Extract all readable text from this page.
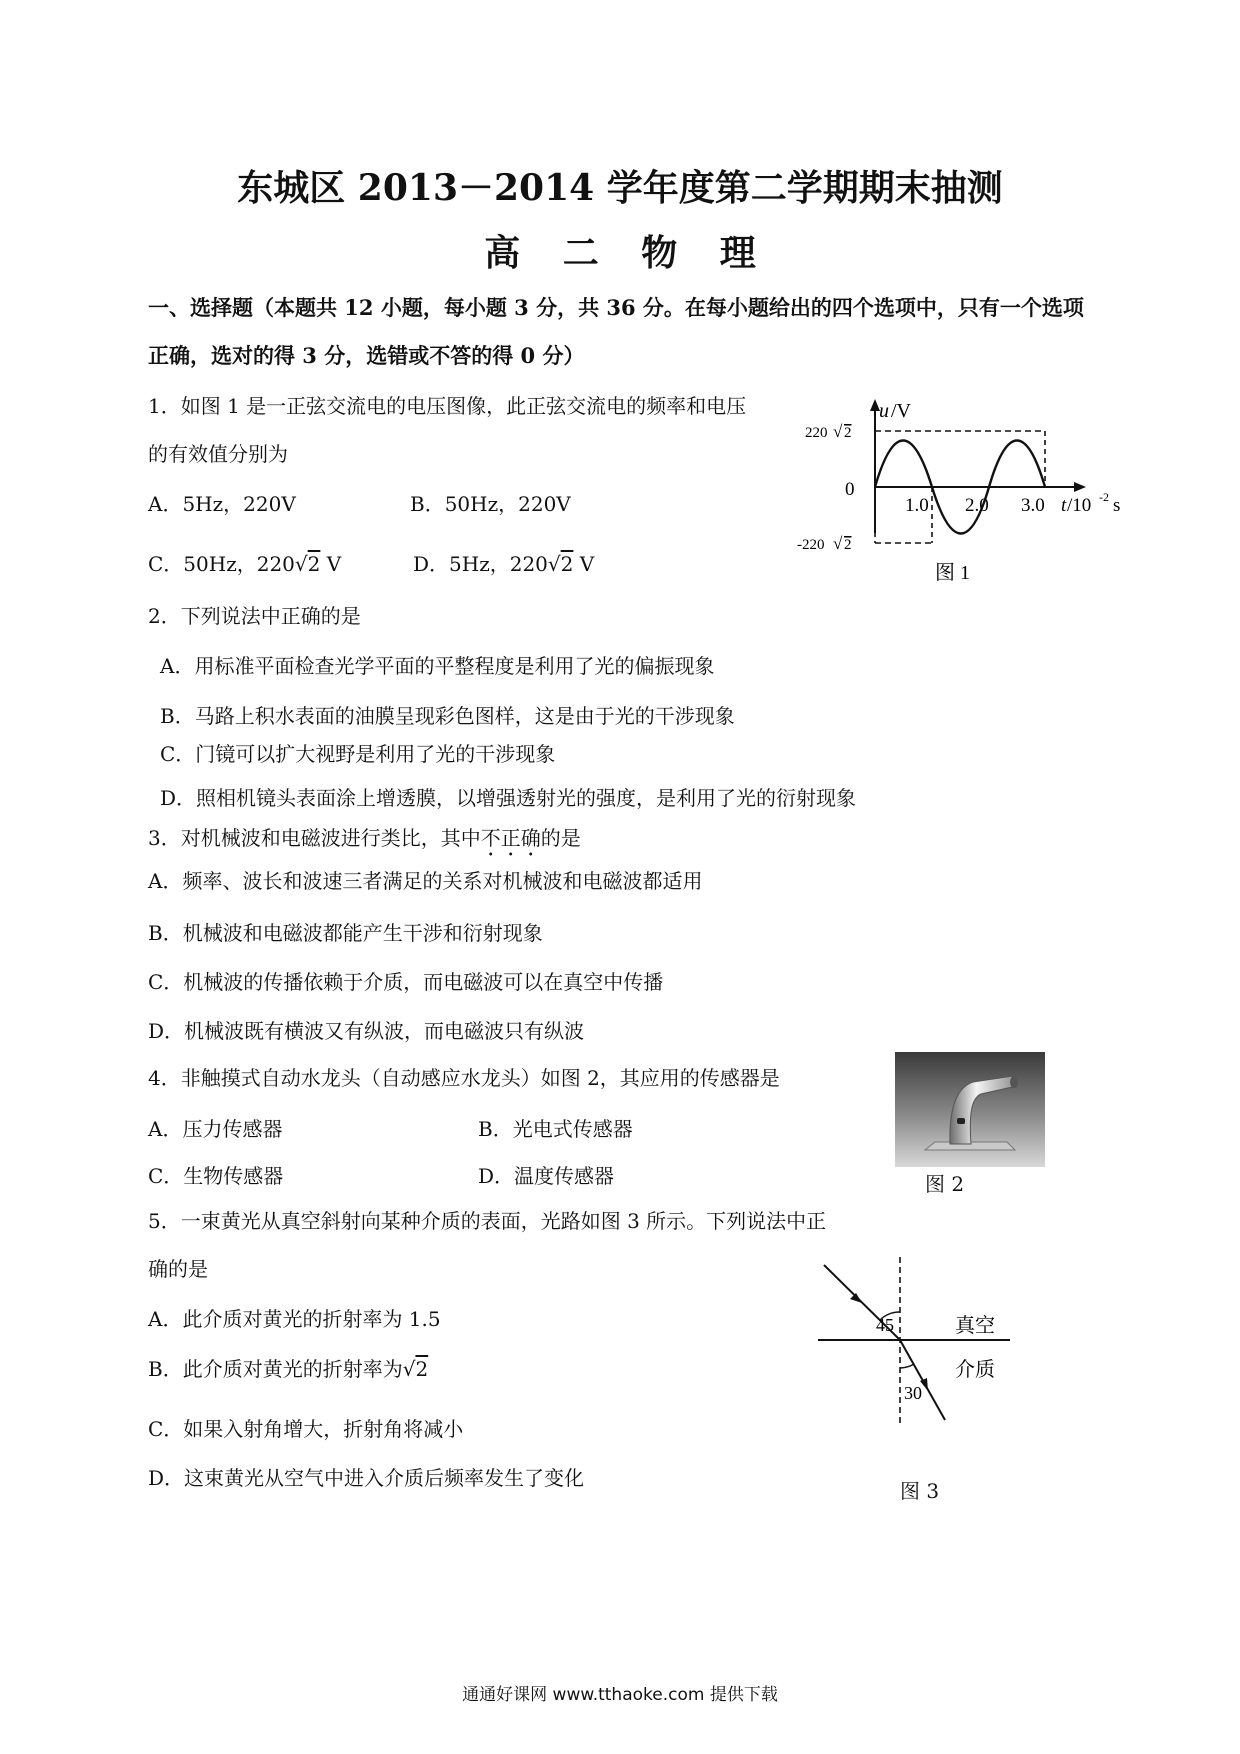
东城区 2013－2014 学年度第二学期期末抽测
高 二 物 理
一、选择题（本题共 12 小题，每小题 3 分，共 36 分。在每小题给出的四个选项中，只有一个选项
正确，选对的得 3 分，选错或不答的得 0 分）
1．如图 1 是一正弦交流电的电压图像，此正弦交流电的频率和电压
的有效值分别为
A．5Hz，220V	B．50Hz，220V
C．50Hz，220√2 V	D．5Hz，220√2 V
u /V
220 √ 2
0
-220 √ 2
1.0 2.0 3.0 t /10 -2 s
图 1
2．下列说法中正确的是
A．用标准平面检查光学平面的平整程度是利用了光的偏振现象
B．马路上积水表面的油膜呈现彩色图样，这是由于光的干涉现象
C．门镜可以扩大视野是利用了光的干涉现象
D．照相机镜头表面涂上增透膜，以增强透射光的强度，是利用了光的衍射现象
3．对机械波和电磁波进行类比，其中不正确的是
A．频率、波长和波速三者满足的关系对机械波和电磁波都适用
B．机械波和电磁波都能产生干涉和衍射现象
C．机械波的传播依赖于介质，而电磁波可以在真空中传播
D．机械波既有横波又有纵波，而电磁波只有纵波
4．非触摸式自动水龙头（自动感应水龙头）如图 2，其应用的传感器是
A．压力传感器	B．光电式传感器
C．生物传感器	D．温度传感器	图 2
5．一束黄光从真空斜射向某种介质的表面，光路如图 3 所示。下列说法中正
确的是
A．此介质对黄光的折射率为 1.5
B．此介质对黄光的折射率为√2
C．如果入射角增大，折射角将减小
D．这束黄光从空气中进入介质后频率发生了变化
45
30
真空
介质
图 3
通通好课网 www.tthaoke.com 提供下载
